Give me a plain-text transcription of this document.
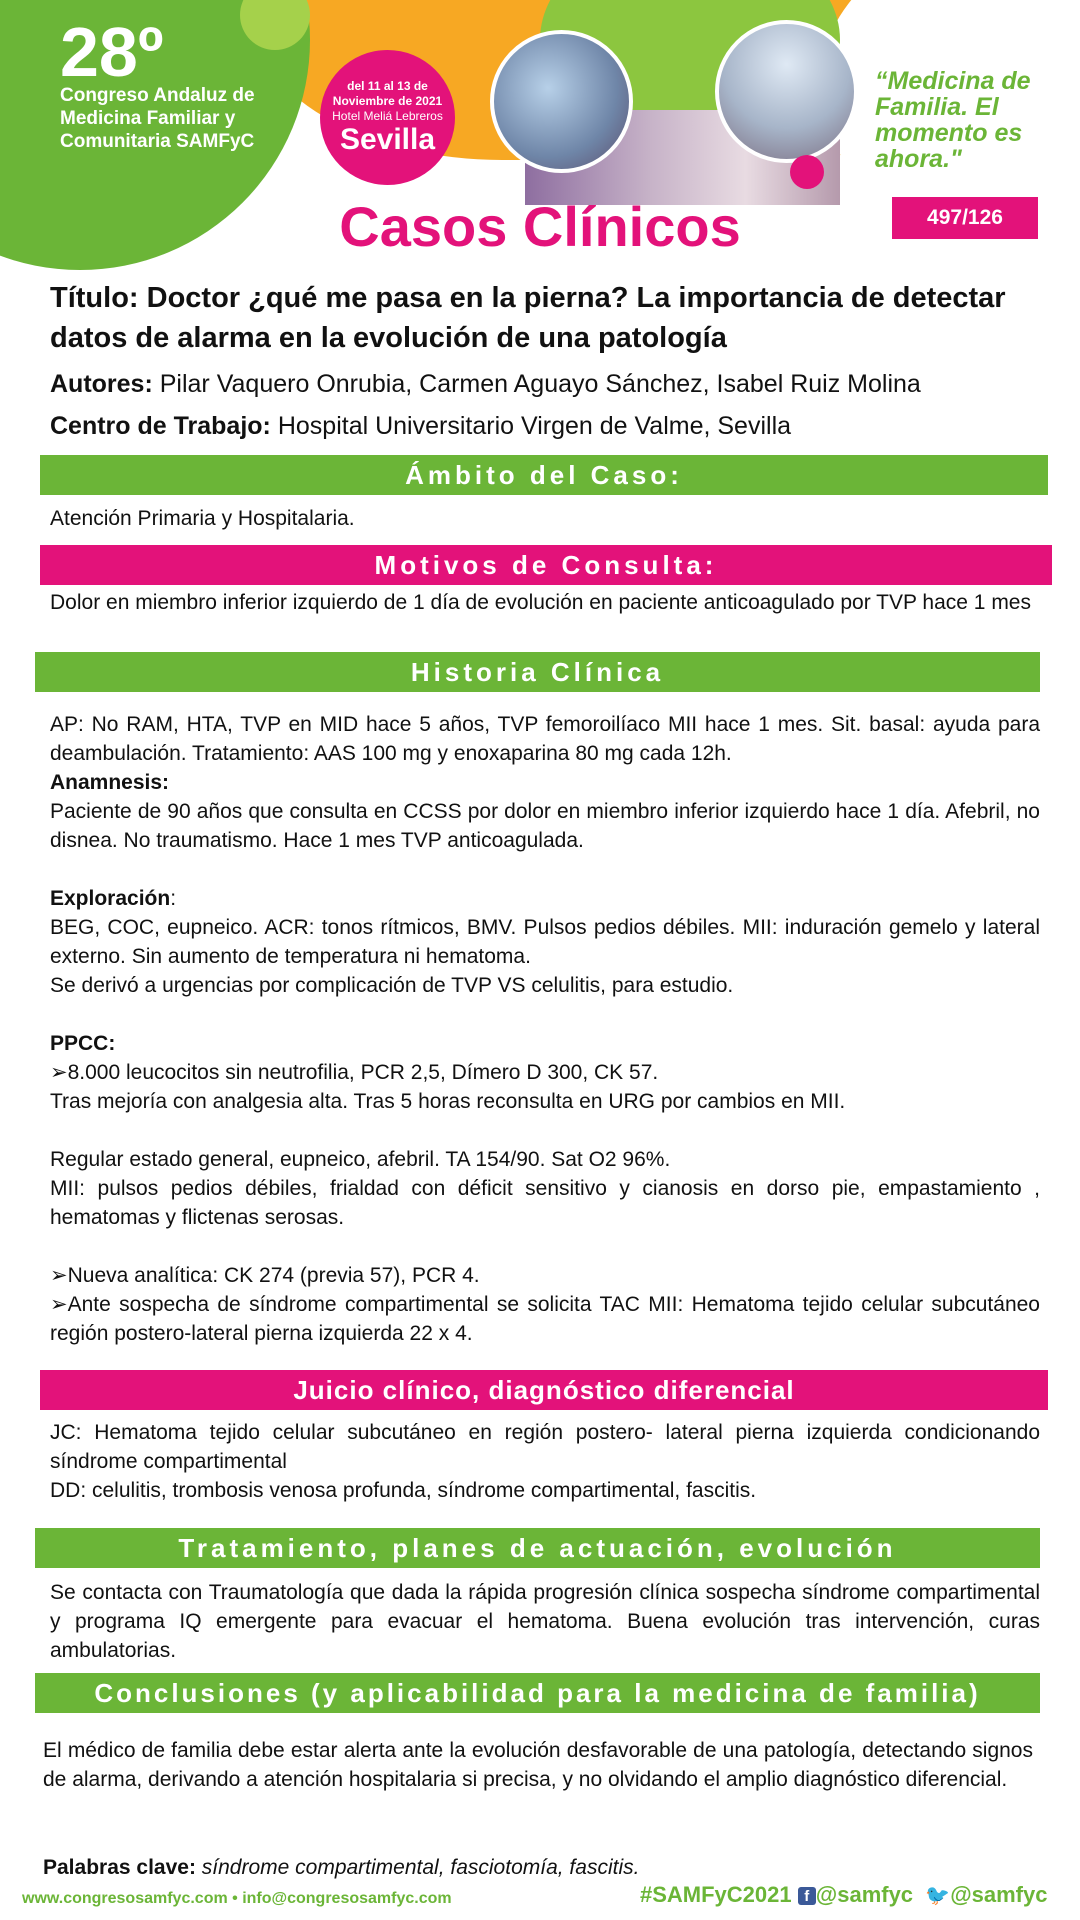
28º
Congreso Andaluz de Medicina Familiar y Comunitaria SAMFyC
del 11 al 13 de Noviembre de 2021
Hotel Meliá Lebreros
Sevilla
“Medicina de Familia. El momento es ahora."
497/126
Casos Clínicos
Título: Doctor ¿qué me pasa en la pierna? La importancia de detectar datos de alarma en la evolución de una patología
Autores: Pilar Vaquero Onrubia, Carmen Aguayo Sánchez, Isabel Ruiz Molina
Centro de Trabajo: Hospital Universitario Virgen de Valme, Sevilla
Ámbito del Caso:
Atención Primaria y Hospitalaria.
Motivos de Consulta:
Dolor en miembro inferior izquierdo de 1 día de evolución en paciente anticoagulado por TVP hace 1 mes
Historia Clínica

AP: No RAM, HTA, TVP en MID hace 5 años, TVP femoroilíaco MII hace 1 mes. Sit. basal: ayuda para deambulación. Tratamiento: AAS 100 mg y enoxaparina 80 mg cada 12h.

Anamnesis:

Paciente de 90 años que consulta en CCSS por dolor en miembro inferior izquierdo hace 1 día. Afebril, no disnea. No traumatismo. Hace 1 mes TVP anticoagulada.

Exploración:

BEG, COC, eupneico. ACR: tonos rítmicos, BMV. Pulsos pedios débiles. MII: induración gemelo y lateral externo. Sin aumento de temperatura ni hematoma.

Se derivó a urgencias por complicación de TVP VS celulitis, para estudio.

PPCC:

➢8.000 leucocitos sin neutrofilia, PCR 2,5, Dímero D 300, CK 57.

Tras mejoría con analgesia alta. Tras 5 horas reconsulta en URG por cambios en MII.

Regular estado general, eupneico, afebril. TA 154/90. Sat O2 96%.

MII: pulsos pedios débiles, frialdad con déficit sensitivo y cianosis en dorso pie, empastamiento , hematomas y flictenas serosas.

➢Nueva analítica: CK 274 (previa 57), PCR 4.

➢Ante sospecha de síndrome compartimental se solicita TAC MII: Hematoma tejido celular subcutáneo región postero-lateral pierna izquierda 22 x 4.

Juicio clínico, diagnóstico diferencial

JC: Hematoma tejido celular subcutáneo en región postero- lateral pierna izquierda condicionando síndrome compartimental

DD: celulitis, trombosis venosa profunda, síndrome compartimental, fascitis.

Tratamiento, planes de actuación, evolución
Se contacta con Traumatología que dada la rápida progresión clínica sospecha síndrome compartimental y programa IQ emergente para evacuar el hematoma. Buena evolución tras intervención, curas ambulatorias.
Conclusiones (y aplicabilidad para la medicina de familia)
El médico de familia debe estar alerta ante la evolución desfavorable de una patología, detectando signos de alarma, derivando a atención hospitalaria si precisa, y no olvidando el amplio diagnóstico diferencial.
Palabras clave: síndrome compartimental, fasciotomía, fascitis.
www.congresosamfyc.com • info@congresosamfyc.com	#SAMFyC2021 f @samfyc 🐦@samfyc
